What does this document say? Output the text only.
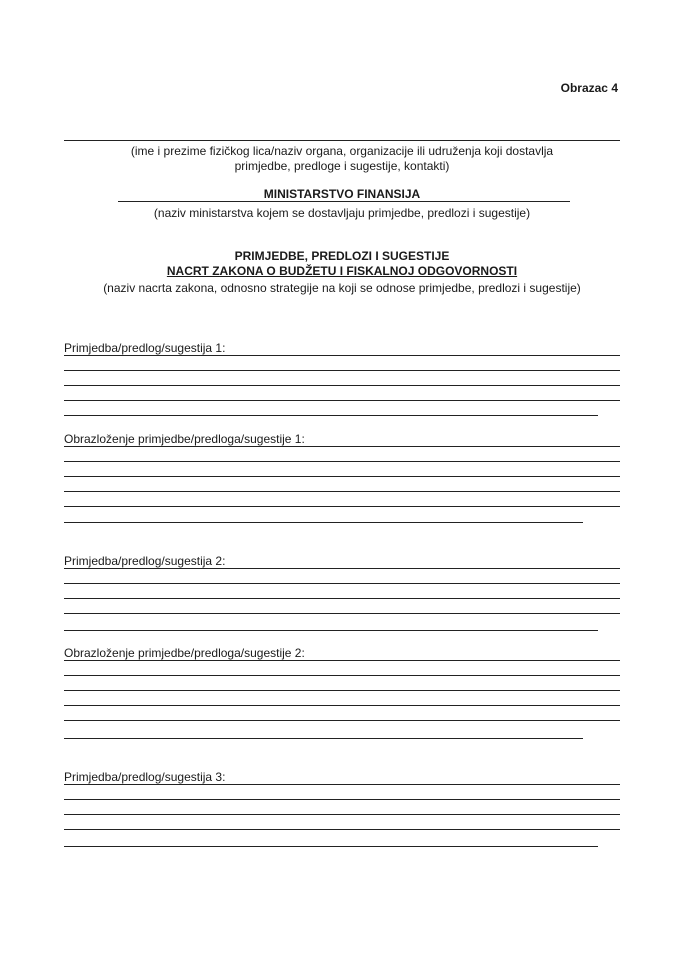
Obrazac 4
(ime i prezime fizičkog lica/naziv organa, organizacije ili udruženja koji dostavlja
primjedbe, predloge i sugestije, kontakti)
MINISTARSTVO FINANSIJA
(naziv ministarstva kojem se dostavljaju primjedbe, predlozi i sugestije)
PRIMJEDBE, PREDLOZI I SUGESTIJE
NACRT ZAKONA O BUDŽETU I FISKALNOJ ODGOVORNOSTI
(naziv nacrta zakona, odnosno strategije na koji se odnose primjedbe, predlozi i sugestije)
Primjedba/predlog/sugestija 1:
Obrazloženje primjedbe/predloga/sugestije 1:
Primjedba/predlog/sugestija 2:
Obrazloženje primjedbe/predloga/sugestije 2:
Primjedba/predlog/sugestija 3:
